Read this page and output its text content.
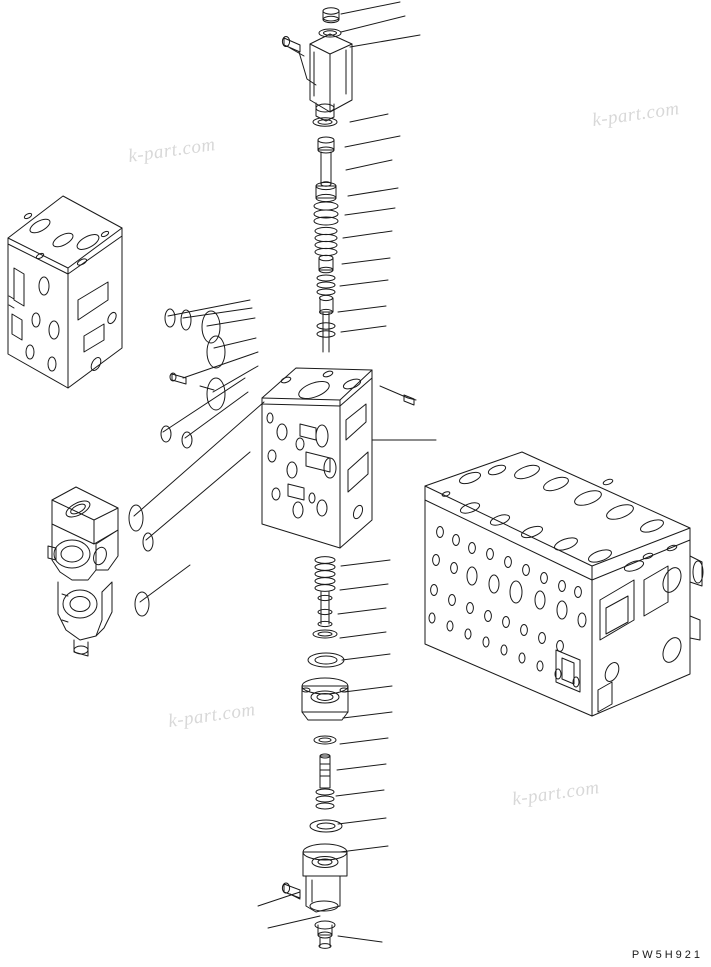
k-part.com
k-part.com
k-part.com
k-part.com
PW5H921
